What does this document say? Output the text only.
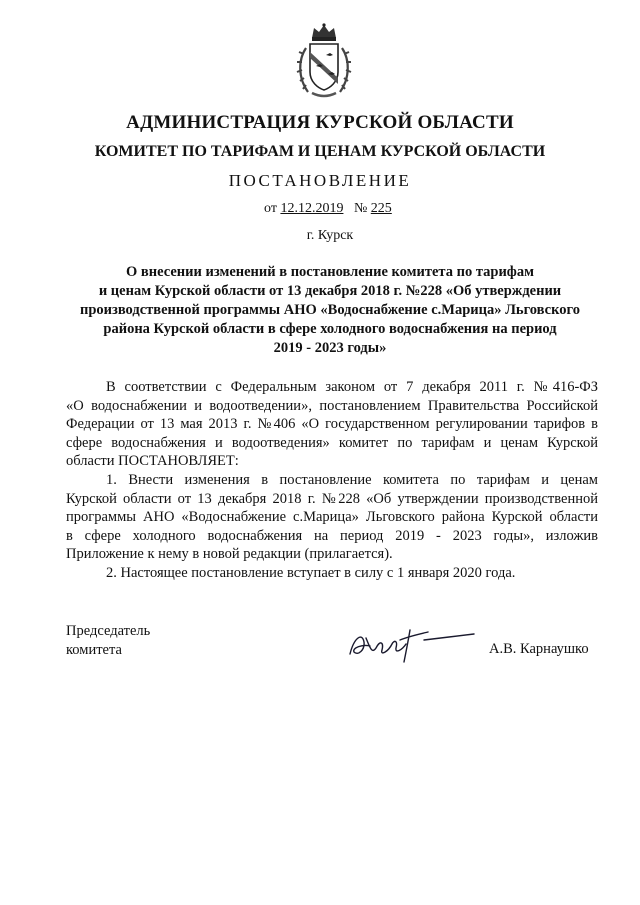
АДМИНИСТРАЦИЯ КУРСКОЙ ОБЛАСТИ
КОМИТЕТ ПО ТАРИФАМ И ЦЕНАМ КУРСКОЙ ОБЛАСТИ
ПОСТАНОВЛЕНИЕ
от 12.12.2019 № 225
г. Курск
О внесении изменений в постановление комитета по тарифам
и ценам Курской области от 13 декабря 2018 г. №228 «Об утверждении
производственной программы АНО «Водоснабжение с.Марица» Льговского
района Курской области в сфере холодного водоснабжения на период
2019 - 2023 годы»
В соответствии с Федеральным законом от 7 декабря 2011 г. №416-ФЗ
«О водоснабжении и водоотведении», постановлением Правительства Российской
Федерации от 13 мая 2013 г. №406 «О государственном регулировании тарифов в
сфере водоснабжения и водоотведения» комитет по тарифам и ценам Курской
области ПОСТАНОВЛЯЕТ:
1. Внести изменения в постановление комитета по тарифам и ценам
Курской области от 13 декабря 2018 г. №228 «Об утверждении производственной
программы АНО «Водоснабжение с.Марица» Льговского района Курской области
в сфере холодного водоснабжения на период 2019 - 2023 годы», изложив
Приложение к нему в новой редакции (прилагается).
2. Настоящее постановление вступает в силу с 1 января 2020 года.
Председатель
комитета	А.В. Карнаушко
